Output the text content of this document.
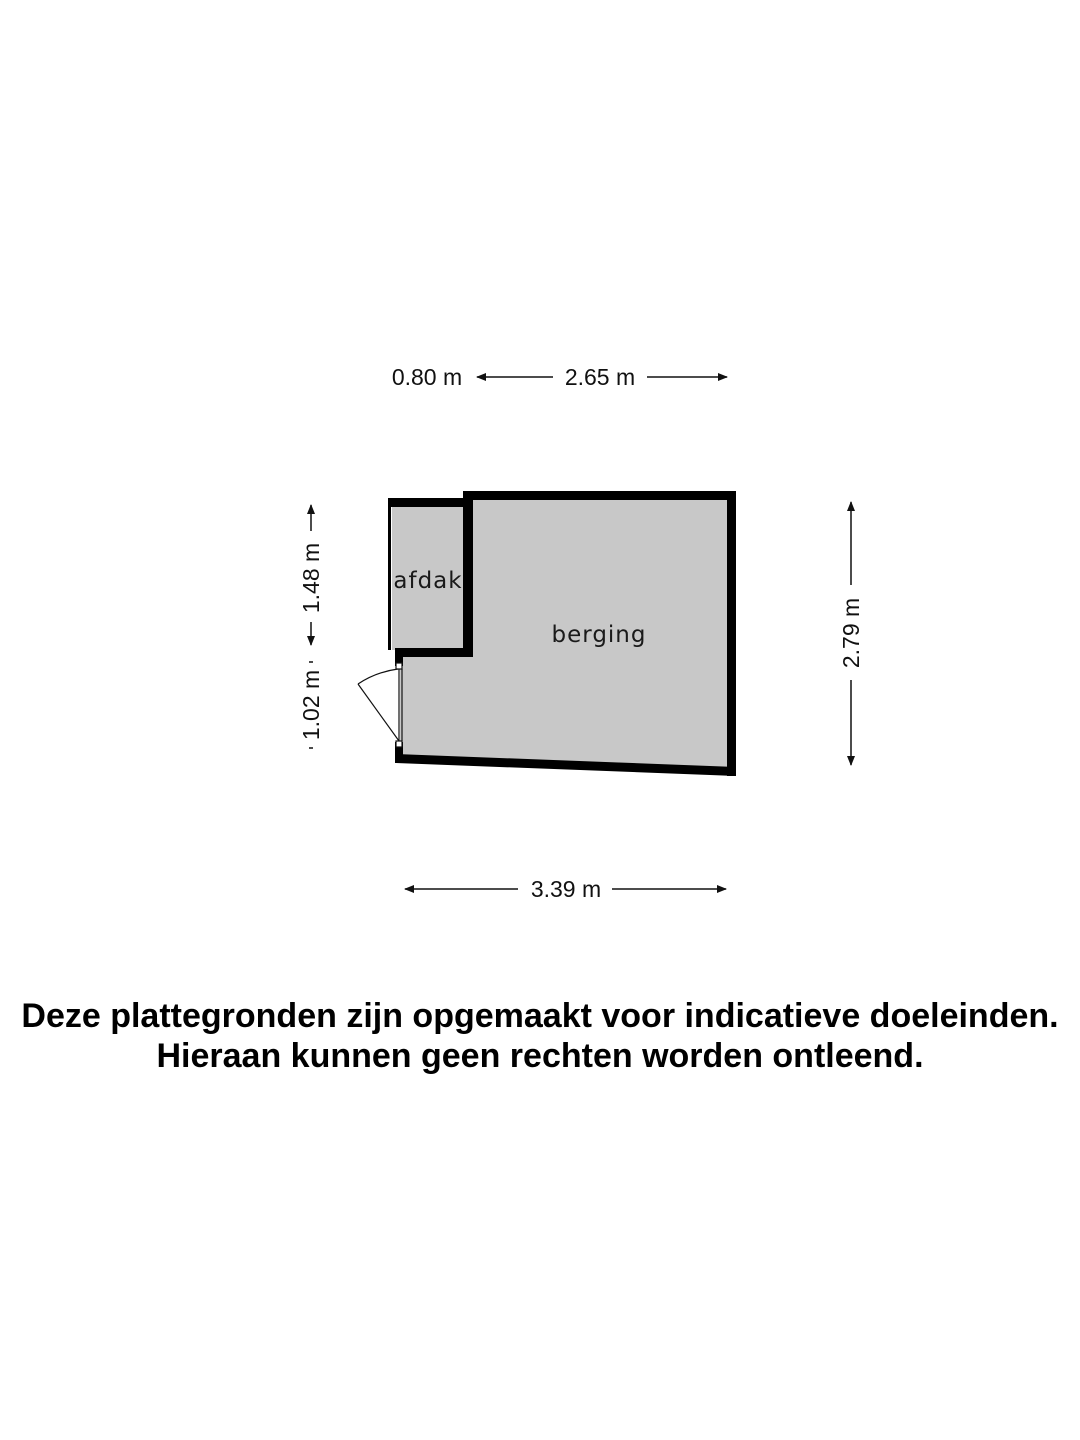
0.80 m	2.65 m
3.39 m
2.79 m
1.48 m
1.02 m
afdak
berging
Deze plattegronden zijn opgemaakt voor indicatieve doeleinden.
Hieraan kunnen geen rechten worden ontleend.
